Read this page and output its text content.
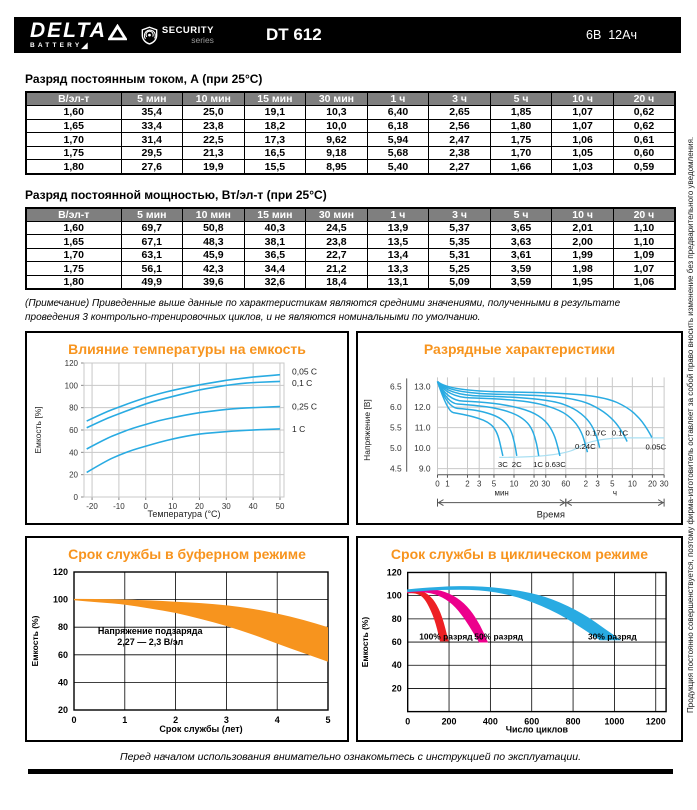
DELTA
BATTERY ◢
SECURITY
series	DT 612	6В  12Ач
Разряд постоянным током, А (при 25°С)
В/эл-т	5 мин	10 мин	15 мин	30 мин	1 ч	3 ч	5 ч	10 ч	20 ч
1,60	35,4	25,0	19,1	10,3	6,40	2,65	1,85	1,07	0,62
1,65	33,4	23,8	18,2	10,0	6,18	2,56	1,80	1,07	0,62
1,70	31,4	22,5	17,3	9,62	5,94	2,47	1,75	1,06	0,61
1,75	29,5	21,3	16,5	9,18	5,68	2,38	1,70	1,05	0,60
1,80	27,6	19,9	15,5	8,95	5,40	2,27	1,66	1,03	0,59
Разряд постоянной мощностью, Вт/эл-т (при 25°С)
В/эл-т	5 мин	10 мин	15 мин	30 мин	1 ч	3 ч	5 ч	10 ч	20 ч
1,60	69,7	50,8	40,3	24,5	13,9	5,37	3,65	2,01	1,10
1,65	67,1	48,3	38,1	23,8	13,5	5,35	3,63	2,00	1,10
1,70	63,1	45,9	36,5	22,7	13,4	5,31	3,61	1,99	1,09
1,75	56,1	42,3	34,4	21,2	13,3	5,25	3,59	1,98	1,07
1,80	49,9	39,6	32,6	18,4	13,1	5,09	3,59	1,95	1,06
(Примечание) Приведенные выше данные по характеристикам являются средними значениями, полученными в результате проведения 3 контрольно-тренировочных циклов, и не являются номинальными по умолчанию.
Влияние температуры на емкость
-20 -10 0	10 20 30 40 50
0
20
40
60
80
100
120
0,05 C
0,1 C
0,25 C
1 C
Температура (°С)
Емкость [%]
Разрядные характеристики
6.5 13.0
6.0 12.0
5.5 11.0
5.0 10.0
4.5 9.0
0 1 2 3 5 10 20 30 60 2 3 5 10 20 30
3C 2C 1C 0.63C
0.24C
0.17C 0.1C
0.05C
мин	ч
Время
Напряжение [В]
Срок службы в буферном режиме
0	1	2	3	4	5
20
40
60
80
100
120
Напряжение подзаряда
2,27 — 2,3 В/эл
Срок службы (лет)
Емкость (%)
Срок службы в циклическом режиме
0	200	400	600	800	1000 1200
20
40
60
80
100
120
100% разряд 50% разряд	30% разряд
Число циклов
Емкость (%)
Перед началом использования внимательно ознакомьтесь с инструкцией по эксплуатации.
Продукция постоянно совершенствуется, поэтому фирма-изготовитель оставляет за собой право вносить изменение без предварительного уведомления.
